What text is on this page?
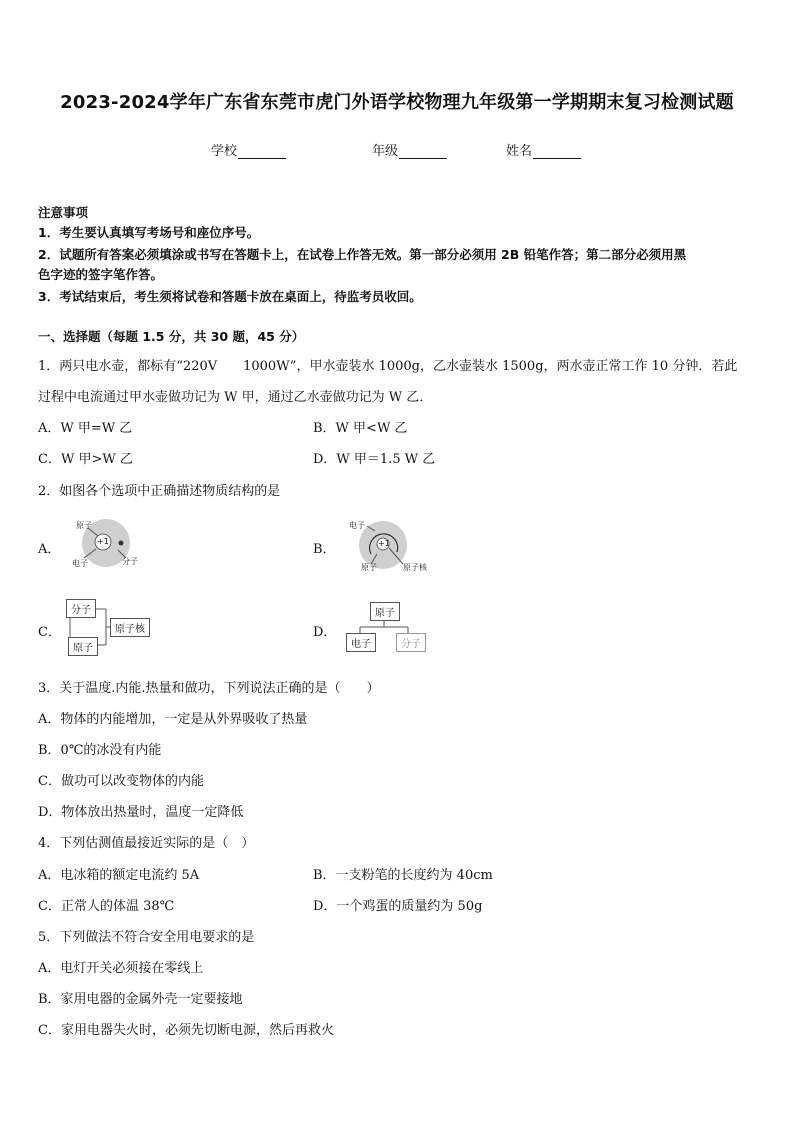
2023-2024学年广东省东莞市虎门外语学校物理九年级第一学期期末复习检测试题
学校	年级	姓名
注意事项
1．考生要认真填写考场号和座位序号。
2．试题所有答案必须填涂或书写在答题卡上，在试卷上作答无效。第一部分必须用 2B 铅笔作答；第二部分必须用黑
色字迹的签字笔作答。
3．考试结束后，考生须将试卷和答题卡放在桌面上，待监考员收回。
一、选择题（每题 1.5 分，共 30 题，45 分）
1．两只电水壶，都标有“220V　　1000W”，甲水壶装水 1000g，乙水壶装水 1500g，两水壶正常工作 10 分钟．若此
过程中电流通过甲水壶做功记为 W 甲，通过乙水壶做功记为 W 乙．
A．W 甲=W 乙	B．W 甲<W 乙
C．W 甲>W 乙	D．W 甲＝1.5 W 乙
2．如图各个选项中正确描述物质结构的是
A．
原子
+1
电子	分子
B．
电子
+1
原子	原子核
C．
分子
原子
原子核	D．
原子
电子	分子
3．关于温度.内能.热量和做功，下列说法正确的是（　　）
A．物体的内能增加，一定是从外界吸收了热量
B．0℃的冰没有内能
C．做功可以改变物体的内能
D．物体放出热量时，温度一定降低
4．下列估测值最接近实际的是（　）
A．电冰箱的额定电流约 5A	B．一支粉笔的长度约为 40cm
C．正常人的体温 38℃	D．一个鸡蛋的质量约为 50g
5．下列做法不符合安全用电要求的是
A．电灯开关必须接在零线上
B．家用电器的金属外壳一定要接地
C．家用电器失火时，必须先切断电源，然后再救火
